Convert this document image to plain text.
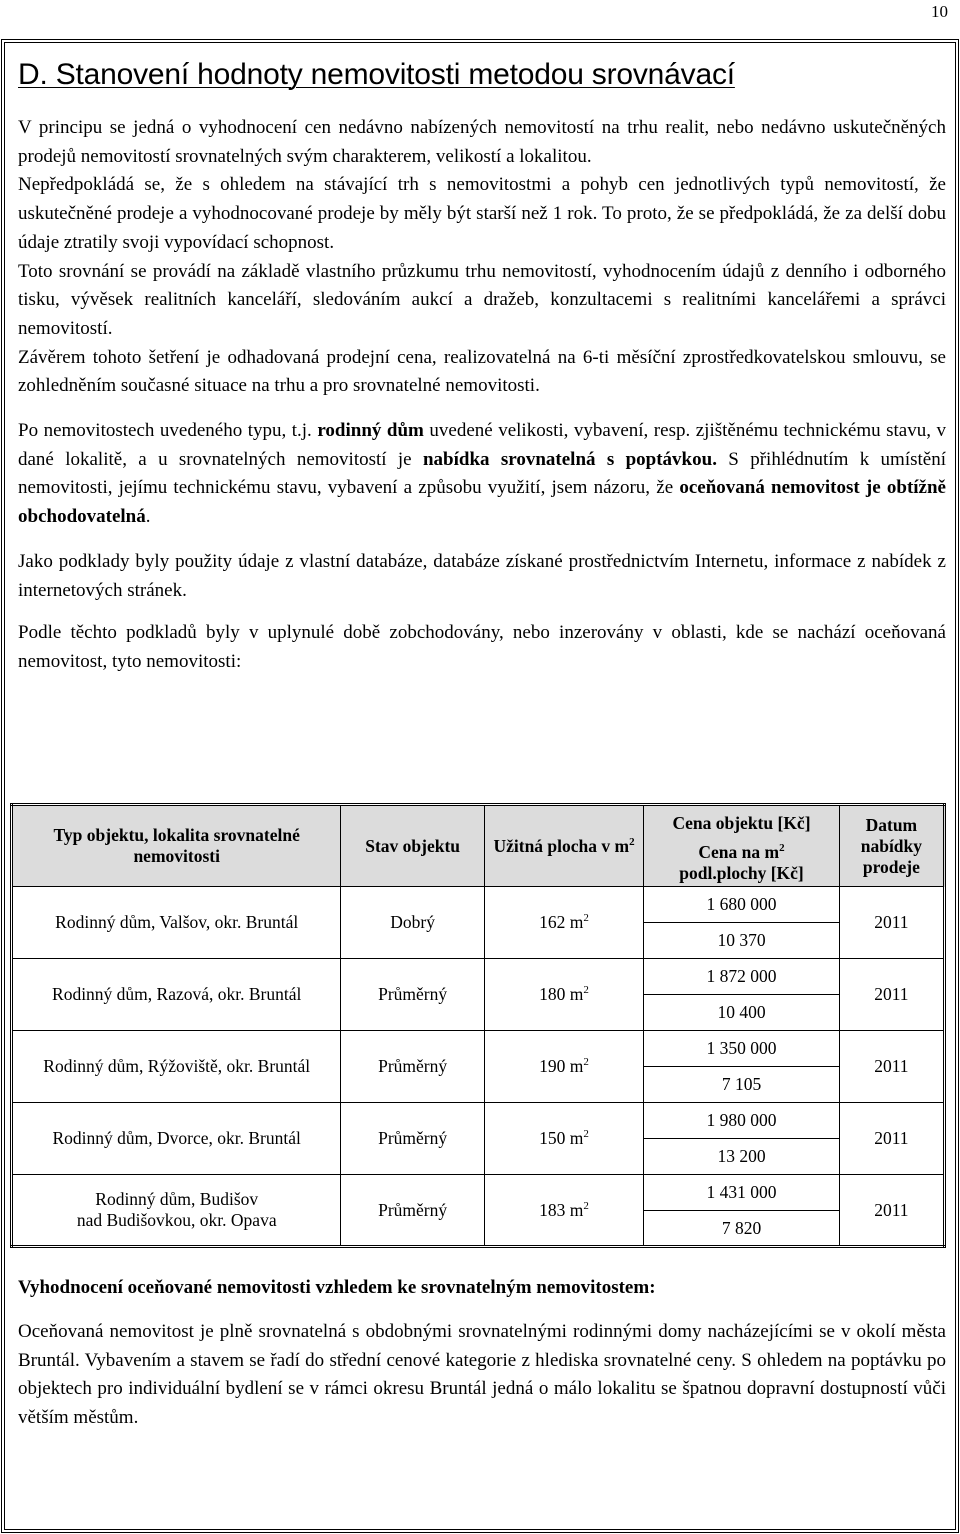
10
D. Stanovení hodnoty nemovitosti metodou srovnávací

V principu se jedná o vyhodnocení cen nedávno nabízených nemovitostí na trhu realit, nebo nedávno uskutečněných prodejů nemovitostí srovnatelných svým charakterem, velikostí a lokalitou.

Nepředpokládá se, že s ohledem na stávající trh s nemovitostmi a pohyb cen jednotlivých typů nemovitostí, že uskutečněné prodeje a vyhodnocované prodeje by měly být starší než 1 rok. To proto, že se předpokládá, že za delší dobu údaje ztratily svoji vypovídací schopnost.

Toto srovnání se provádí na základě vlastního průzkumu trhu nemovitostí, vyhodnocením údajů z denního i odborného tisku, vývěsek realitních kanceláří, sledováním aukcí a dražeb, konzultacemi s realitními kancelářemi a správci nemovitostí.

Závěrem tohoto šetření je odhadovaná prodejní cena, realizovatelná na 6-ti měsíční zprostředkovatelskou smlouvu, se zohledněním současné situace na trhu a pro srovnatelné nemovitosti.

Po nemovitostech uvedeného typu, t.j. rodinný dům uvedené velikosti, vybavení, resp. zjištěnému technickému stavu, v dané lokalitě, a u srovnatelných nemovitostí je nabídka srovnatelná s poptávkou. S přihlédnutím k umístění nemovitosti, jejímu technickému stavu, vybavení a způsobu využití, jsem názoru, že oceňovaná nemovitost je obtížně obchodovatelná.

Jako podklady byly použity údaje z vlastní databáze, databáze získané prostřednictvím Internetu, informace z nabídek z internetových stránek.

Podle těchto podkladů byly v uplynulé době zobchodovány, nebo inzerovány v oblasti, kde se nachází oceňovaná nemovitost, tyto nemovitosti:

Typ objektu, lokalita srovnatelné nemovitosti	Stav objektu	Užitná plocha v $m^2$	Cena objektu [Kč]	Datum nabídky prodeje
			Cena na $m^2$
podl.plochy [Kč]	
Rodinný dům, Valšov, okr. Bruntál	Dobrý	162 $m^2$	1 680 000	2011
			10 370	
Rodinný dům, Razová, okr. Bruntál	Průměrný	180 $m^2$	1 872 000	2011
			10 400	
Rodinný dům, Rýžoviště, okr. Bruntál	Průměrný	190 $m^2$	1 350 000	2011
			7 105	
Rodinný dům, Dvorce, okr. Bruntál	Průměrný	150 $m^2$	1 980 000	2011
			13 200	
Rodinný dům, Budišov
nad Budišovkou, okr. Opava	Průměrný	183 $m^2$	1 431 000	2011
			7 820	
Vyhodnocení oceňované nemovitosti vzhledem ke srovnatelným nemovitostem:

Oceňovaná nemovitost je plně srovnatelná s obdobnými srovnatelnými rodinnými domy nacházejícími se v okolí města Bruntál. Vybavením a stavem se řadí do střední cenové kategorie z hlediska srovnatelné ceny. S ohledem na poptávku po objektech pro individuální bydlení se v rámci okresu Bruntál jedná o málo lokalitu se špatnou dopravní dostupností vůči větším městům.
